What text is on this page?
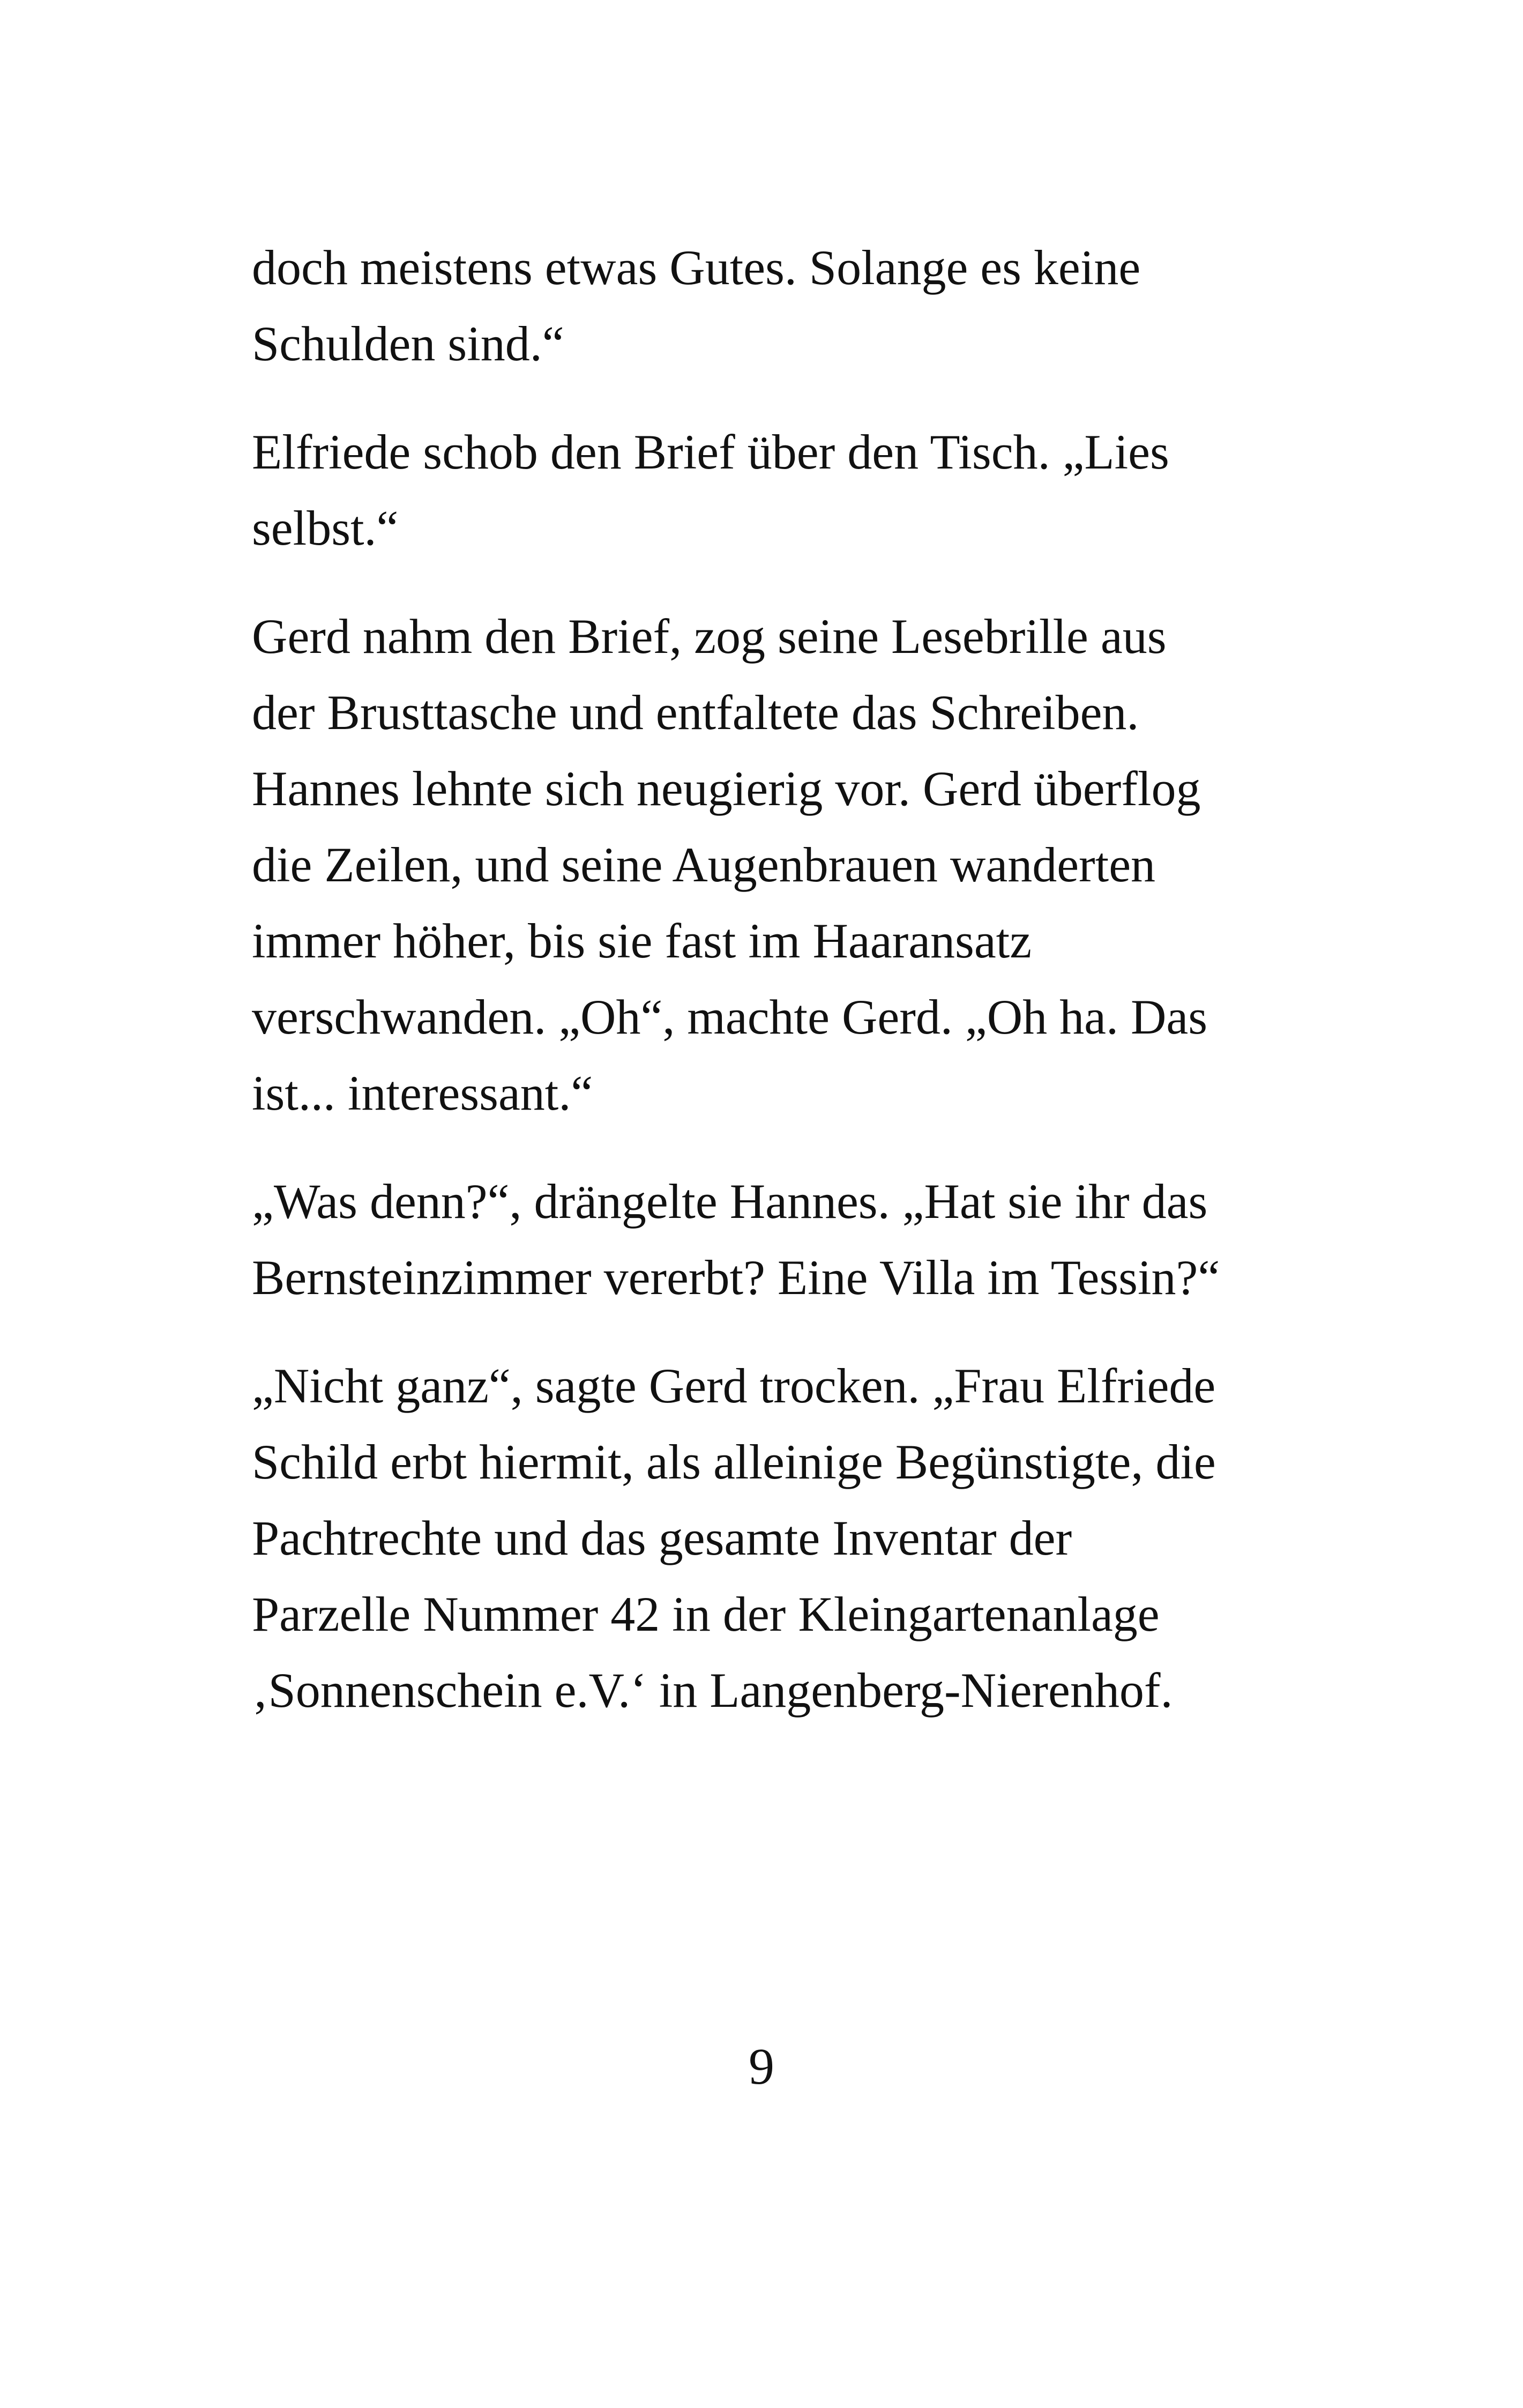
doch meistens etwas Gutes. Solange es keine
Schulden sind.“

Elfriede schob den Brief über den Tisch. „Lies
selbst.“

Gerd nahm den Brief, zog seine Lesebrille aus
der Brusttasche und entfaltete das Schreiben.
Hannes lehnte sich neugierig vor. Gerd überflog
die Zeilen, und seine Augenbrauen wanderten
immer höher, bis sie fast im Haaransatz
verschwanden. „Oh“, machte Gerd. „Oh ha. Das
ist... interessant.“

„Was denn?“, drängelte Hannes. „Hat sie ihr das
Bernsteinzimmer vererbt? Eine Villa im Tessin?“

„Nicht ganz“, sagte Gerd trocken. „Frau Elfriede
Schild erbt hiermit, als alleinige Begünstigte, die
Pachtrechte und das gesamte Inventar der
Parzelle Nummer 42 in der Kleingartenanlage
‚Sonnenschein e.V.‘ in Langenberg-Nierenhof.

9
